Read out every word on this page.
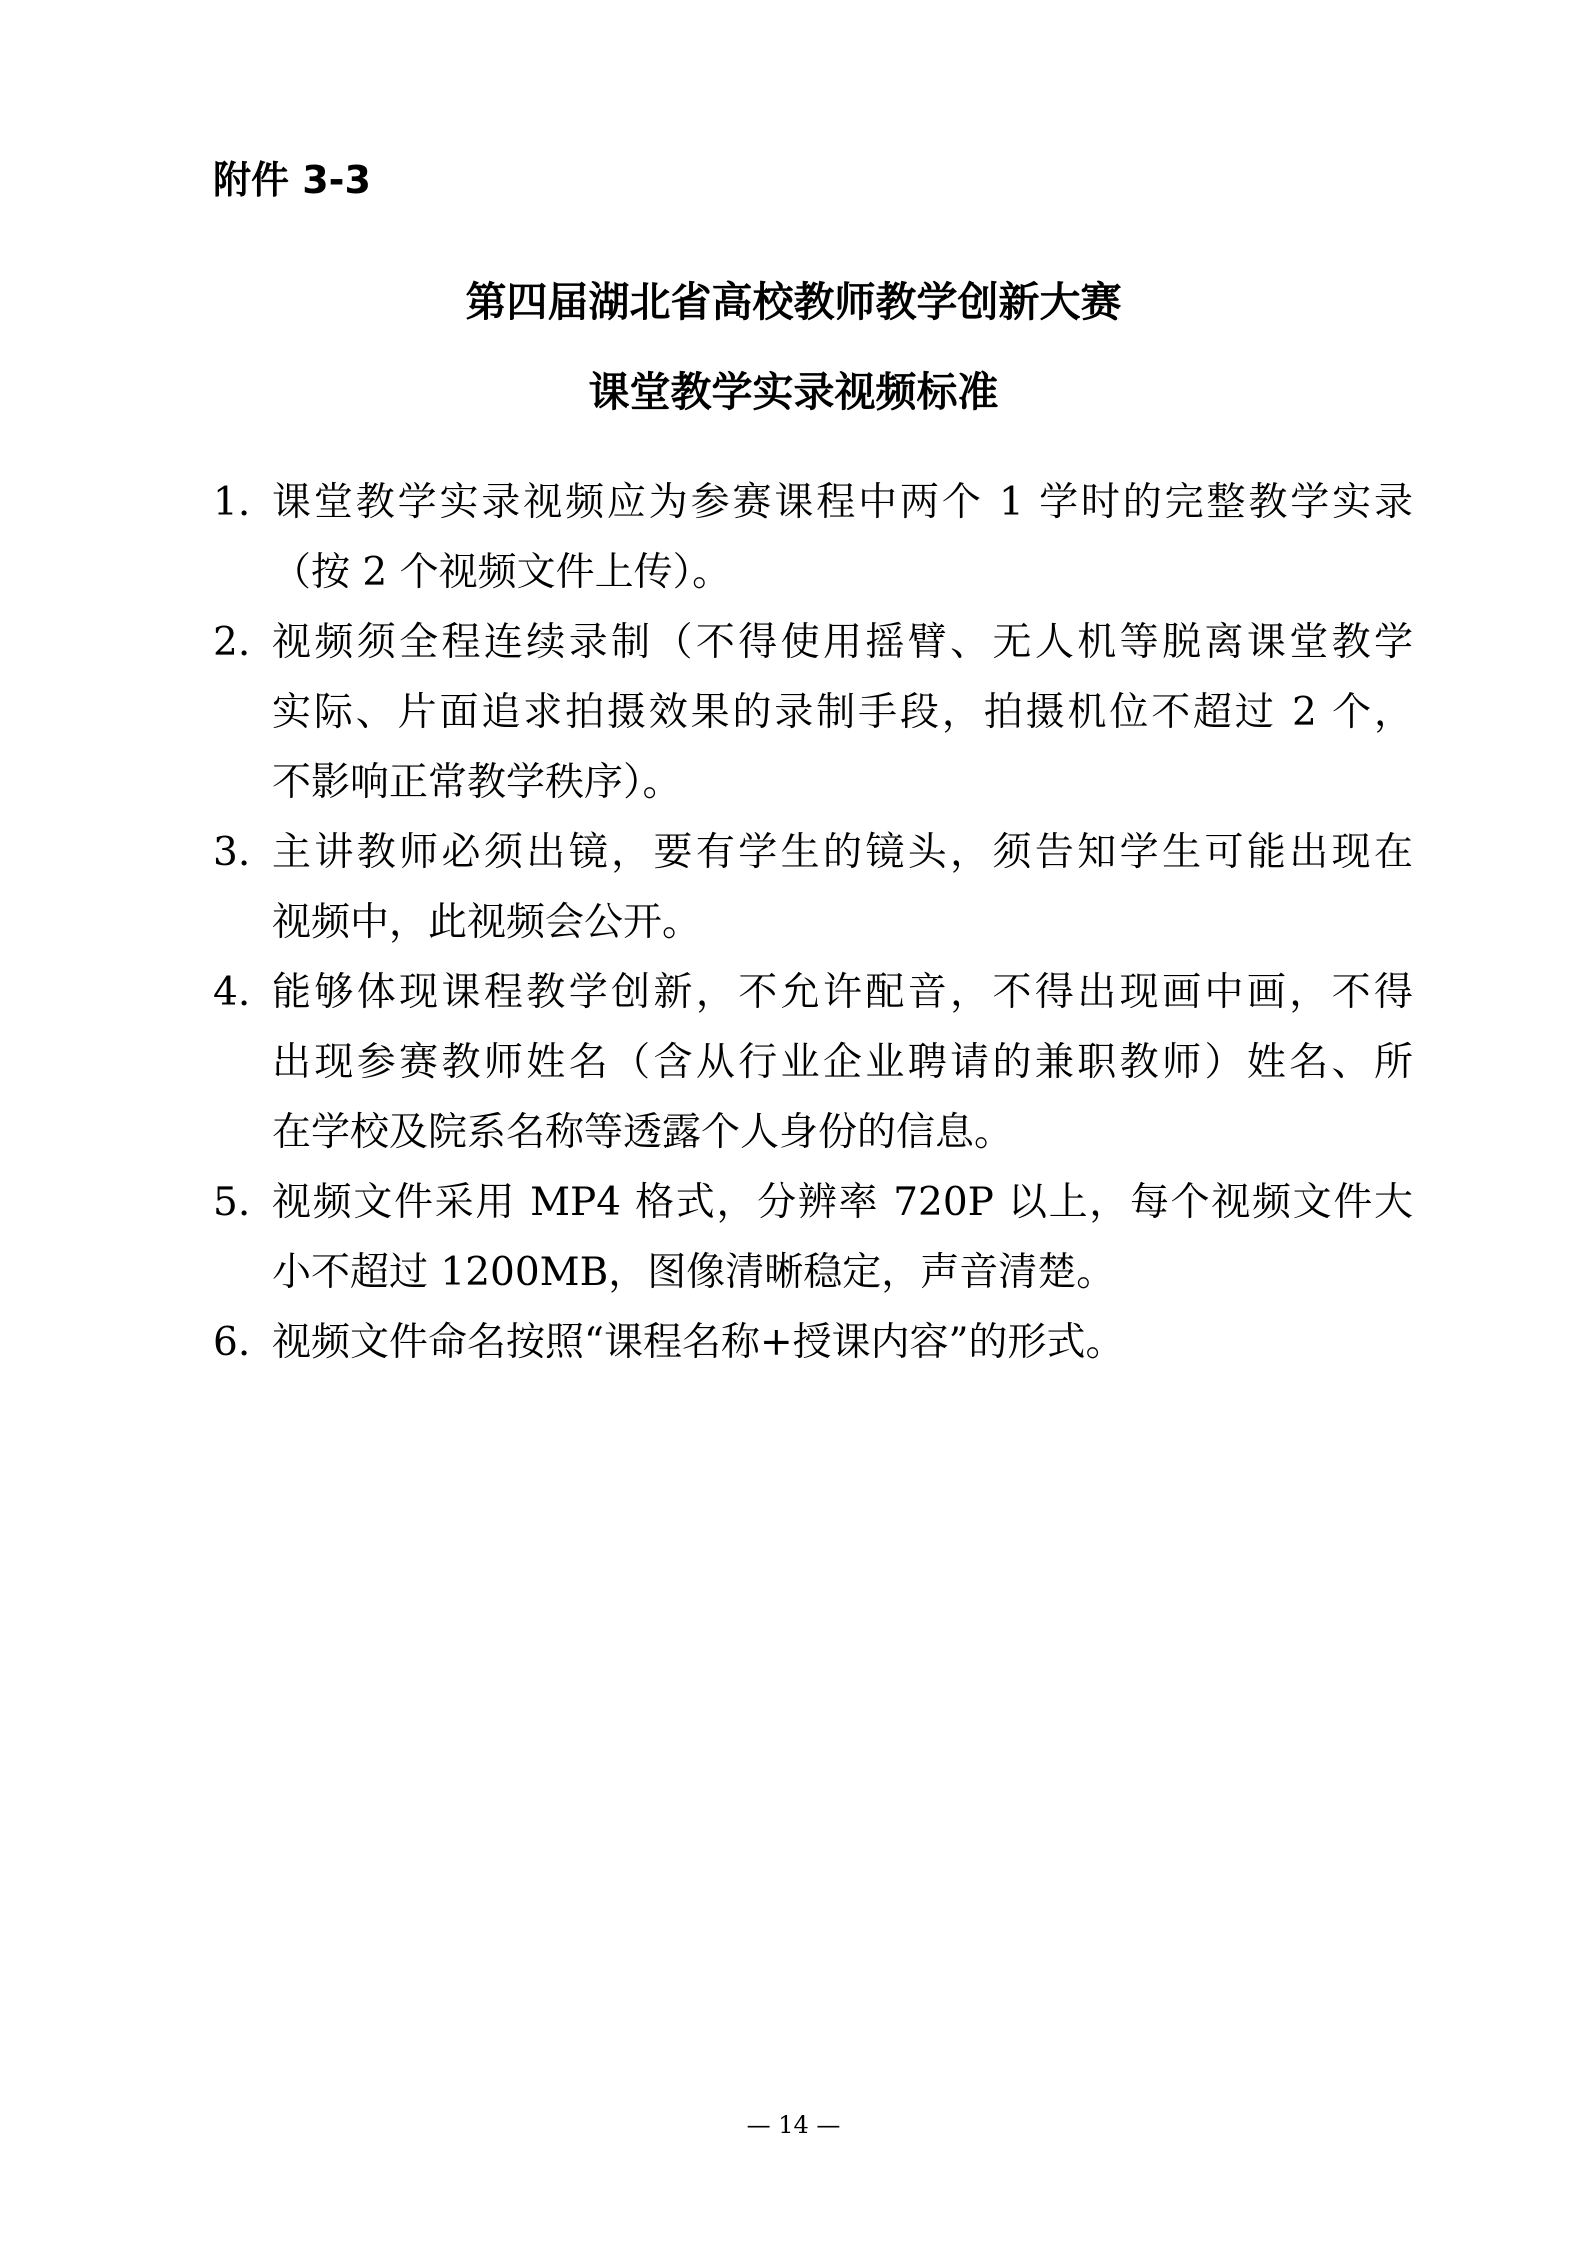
附件 3-3
第四届湖北省高校教师教学创新大赛
课堂教学实录视频标准
1. 课堂教学实录视频应为参赛课程中两个 1 学时的完整教学实录
（按 2 个视频文件上传）。
2. 视频须全程连续录制（不得使用摇臂、无人机等脱离课堂教学
实际、片面追求拍摄效果的录制手段，拍摄机位不超过 2 个，
不影响正常教学秩序）。
3. 主讲教师必须出镜，要有学生的镜头，须告知学生可能出现在
视频中，此视频会公开。
4. 能够体现课程教学创新，不允许配音，不得出现画中画，不得
出现参赛教师姓名（含从行业企业聘请的兼职教师）姓名、所
在学校及院系名称等透露个人身份的信息。
5. 视频文件采用 MP4 格式，分辨率 720P 以上，每个视频文件大
小不超过 1200MB，图像清晰稳定，声音清楚。
6. 视频文件命名按照“课程名称+授课内容”的形式。
— 14 —
